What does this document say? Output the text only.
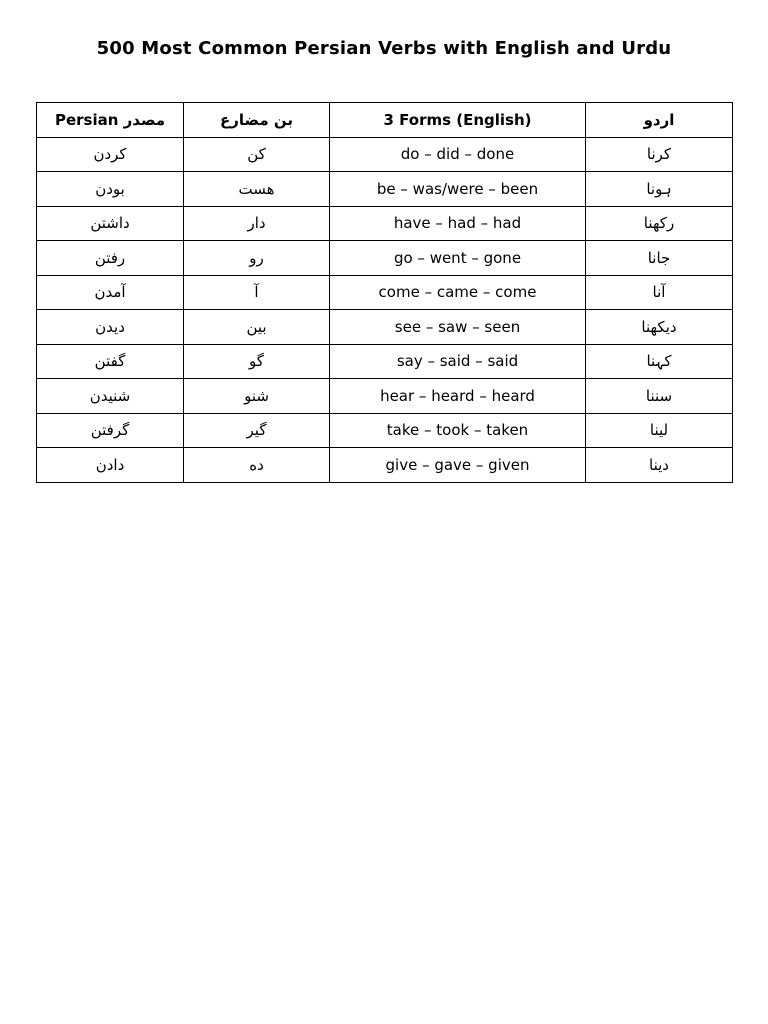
500 Most Common Persian Verbs with English and Urdu
Persian مصدر	بن مضارع	3 Forms (English)	اردو
کردن	کن	do – did – done	کرنا
بودن	هست	be – was/were – been	ہونا
داشتن	دار	have – had – had	رکھنا
رفتن	رو	go – went – gone	جانا
آمدن	آ	come – came – come	آنا
دیدن	بین	see – saw – seen	دیکھنا
گفتن	گو	say – said – said	کہنا
شنیدن	شنو	hear – heard – heard	سننا
گرفتن	گیر	take – took – taken	لینا
دادن	ده	give – gave – given	دینا
